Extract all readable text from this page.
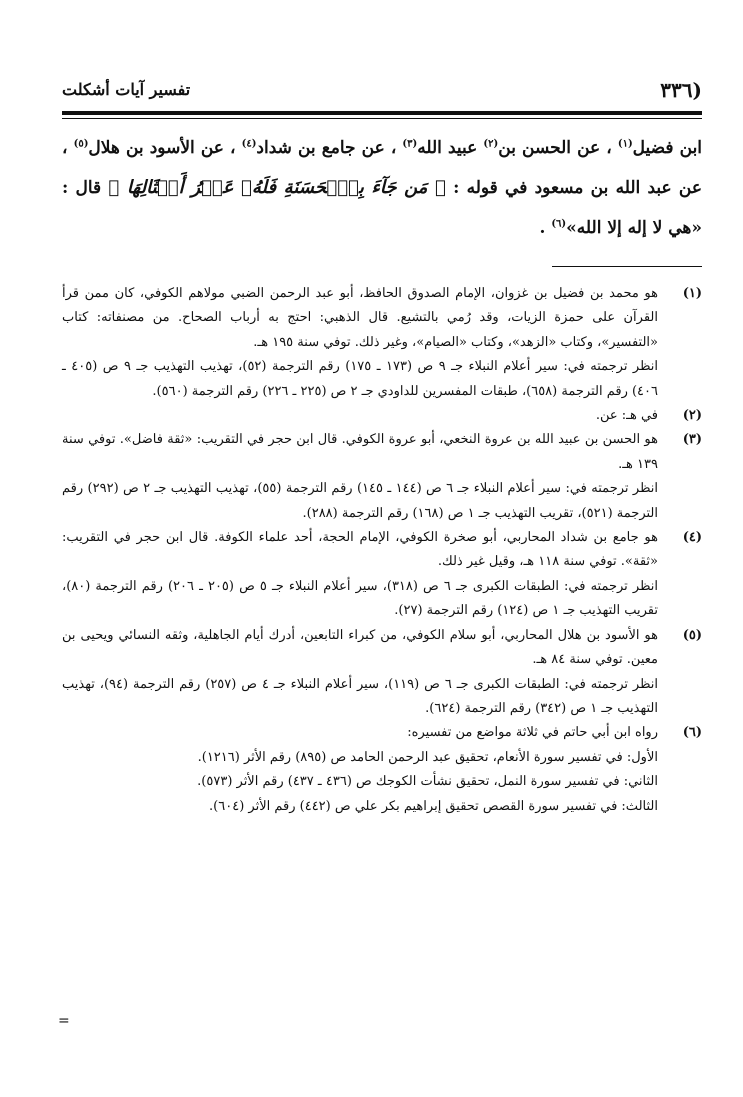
(٣٣٦
تفسير آيات أشكلت
ابن فضيل$^{(١)}$ ، عن الحسن بن$^{(٢)}$ عبيد الله$^{(٣)}$ ، عن جامع بن شداد$^{(٤)}$ ، عن الأسود بن هلال$^{(٥)}$ ، عن عبد الله بن مسعود في قوله : ﴿ مَن جَآءَ بِٱلۡحَسَنَةِ فَلَهُۥ عَشۡرُ أَمۡثَالِهَا ﴾ قال : «هي لا إله إلا الله»$^{(٦)}$ .
(١)
هو محمد بن فضيل بن غزوان، الإمام الصدوق الحافظ، أبو عبد الرحمن الضبي مولاهم الكوفي، كان ممن قرأ القرآن على حمزة الزيات، وقد رُمي بالتشيع. قال الذهبي: احتج به أرباب الصحاح. من مصنفاته: كتاب «التفسير»، وكتاب «الزهد»، وكتاب «الصيام»، وغير ذلك. توفي سنة ١٩٥ هـ.
انظر ترجمته في: سير أعلام النبلاء جـ ٩ ص (١٧٣ ـ ١٧٥) رقم الترجمة (٥٢)، تهذيب التهذيب جـ ٩ ص (٤٠٥ ـ ٤٠٦) رقم الترجمة (٦٥٨)، طبقات المفسرين للداودي جـ ٢ ص (٢٢٥ ـ ٢٢٦) رقم الترجمة (٥٦٠).
(٢)
في هـ: عن.
(٣)
هو الحسن بن عبيد الله بن عروة النخعي، أبو عروة الكوفي. قال ابن حجر في التقريب: «ثقة فاضل». توفي سنة ١٣٩ هـ.
انظر ترجمته في: سير أعلام النبلاء جـ ٦ ص (١٤٤ ـ ١٤٥) رقم الترجمة (٥٥)، تهذيب التهذيب جـ ٢ ص (٢٩٢) رقم الترجمة (٥٢١)، تقريب التهذيب جـ ١ ص (١٦٨) رقم الترجمة (٢٨٨).
(٤)
هو جامع بن شداد المحاربي، أبو صخرة الكوفي، الإمام الحجة، أحد علماء الكوفة. قال ابن حجر في التقريب: «ثقة». توفي سنة ١١٨ هـ، وقيل غير ذلك.
انظر ترجمته في: الطبقات الكبرى جـ ٦ ص (٣١٨)، سير أعلام النبلاء جـ ٥ ص (٢٠٥ ـ ٢٠٦) رقم الترجمة (٨٠)، تقريب التهذيب جـ ١ ص (١٢٤) رقم الترجمة (٢٧).
(٥)
هو الأسود بن هلال المحاربي، أبو سلام الكوفي، من كبراء التابعين، أدرك أيام الجاهلية، وثقه النسائي ويحيى بن معين. توفي سنة ٨٤ هـ.
انظر ترجمته في: الطبقات الكبرى جـ ٦ ص (١١٩)، سير أعلام النبلاء جـ ٤ ص (٢٥٧) رقم الترجمة (٩٤)، تهذيب التهذيب جـ ١ ص (٣٤٢) رقم الترجمة (٦٢٤).
(٦)
رواه ابن أبي حاتم في ثلاثة مواضع من تفسيره:
الأول: في تفسير سورة الأنعام، تحقيق عبد الرحمن الحامد ص (٨٩٥) رقم الأثر (١٢١٦).
الثاني: في تفسير سورة النمل، تحقيق نشأت الكوجك ص (٤٣٦ ـ ٤٣٧) رقم الأثر (٥٧٣).
الثالث: في تفسير سورة القصص تحقيق إبراهيم بكر علي ص (٤٤٢) رقم الأثر (٦٠٤).
=
